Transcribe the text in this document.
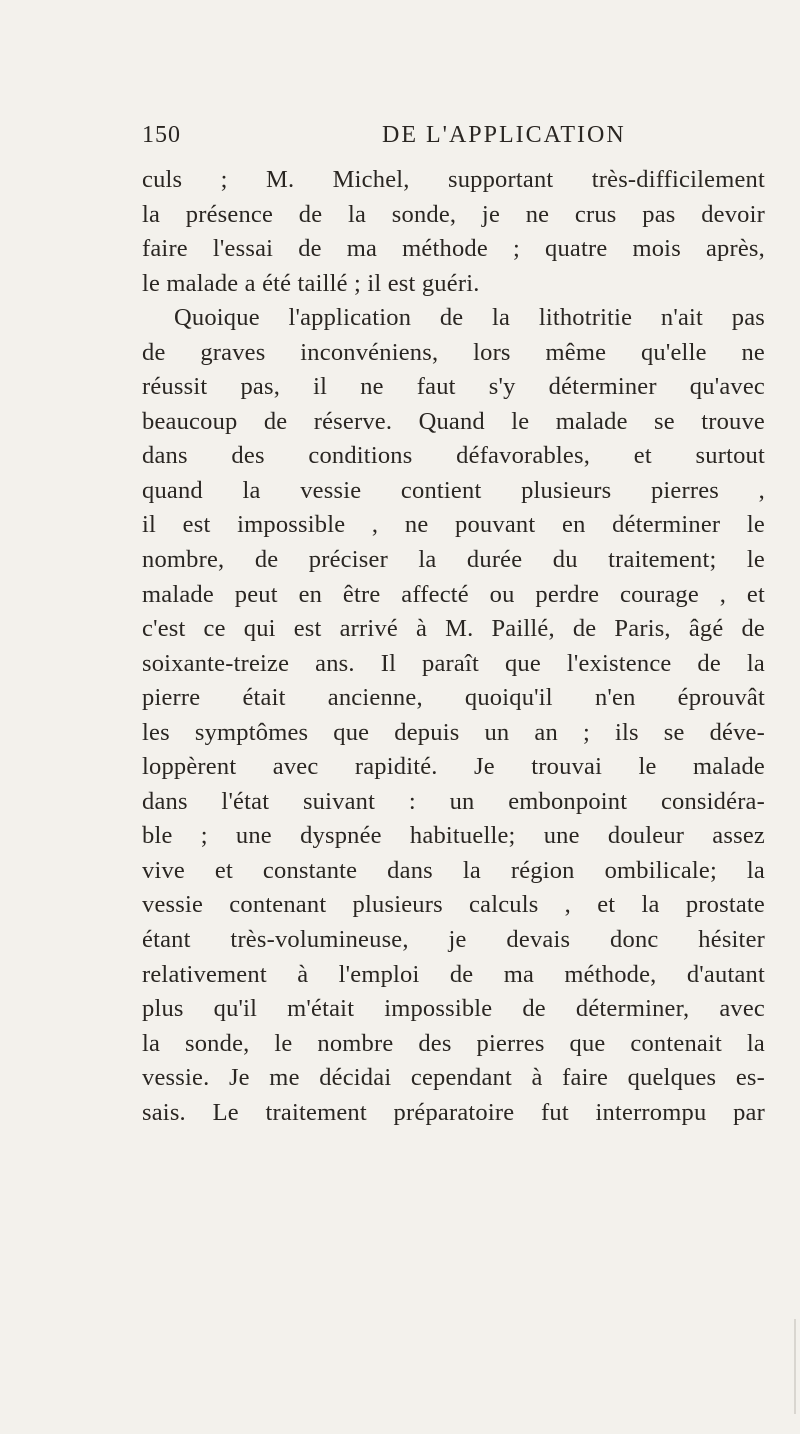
150	DE L'APPLICATION
culs ; M. Michel, supportant très-difficilement
la présence de la sonde, je ne crus pas devoir
faire l'essai de ma méthode ; quatre mois après,
le malade a été taillé ; il est guéri.
Quoique l'application de la lithotritie n'ait pas
de graves inconvéniens, lors même qu'elle ne
réussit pas, il ne faut s'y déterminer qu'avec
beaucoup de réserve. Quand le malade se trouve
dans des conditions défavorables, et surtout
quand la vessie contient plusieurs pierres ,
il est impossible , ne pouvant en déterminer le
nombre, de préciser la durée du traitement; le
malade peut en être affecté ou perdre courage , et
c'est ce qui est arrivé à M. Paillé, de Paris, âgé de
soixante-treize ans. Il paraît que l'existence de la
pierre était ancienne, quoiqu'il n'en éprouvât
les symptômes que depuis un an ; ils se déve-
loppèrent avec rapidité. Je trouvai le malade
dans l'état suivant : un embonpoint considéra-
ble ; une dyspnée habituelle; une douleur assez
vive et constante dans la région ombilicale; la
vessie contenant plusieurs calculs , et la prostate
étant très-volumineuse, je devais donc hésiter
relativement à l'emploi de ma méthode, d'autant
plus qu'il m'était impossible de déterminer, avec
la sonde, le nombre des pierres que contenait la
vessie. Je me décidai cependant à faire quelques es-
sais. Le traitement préparatoire fut interrompu par
